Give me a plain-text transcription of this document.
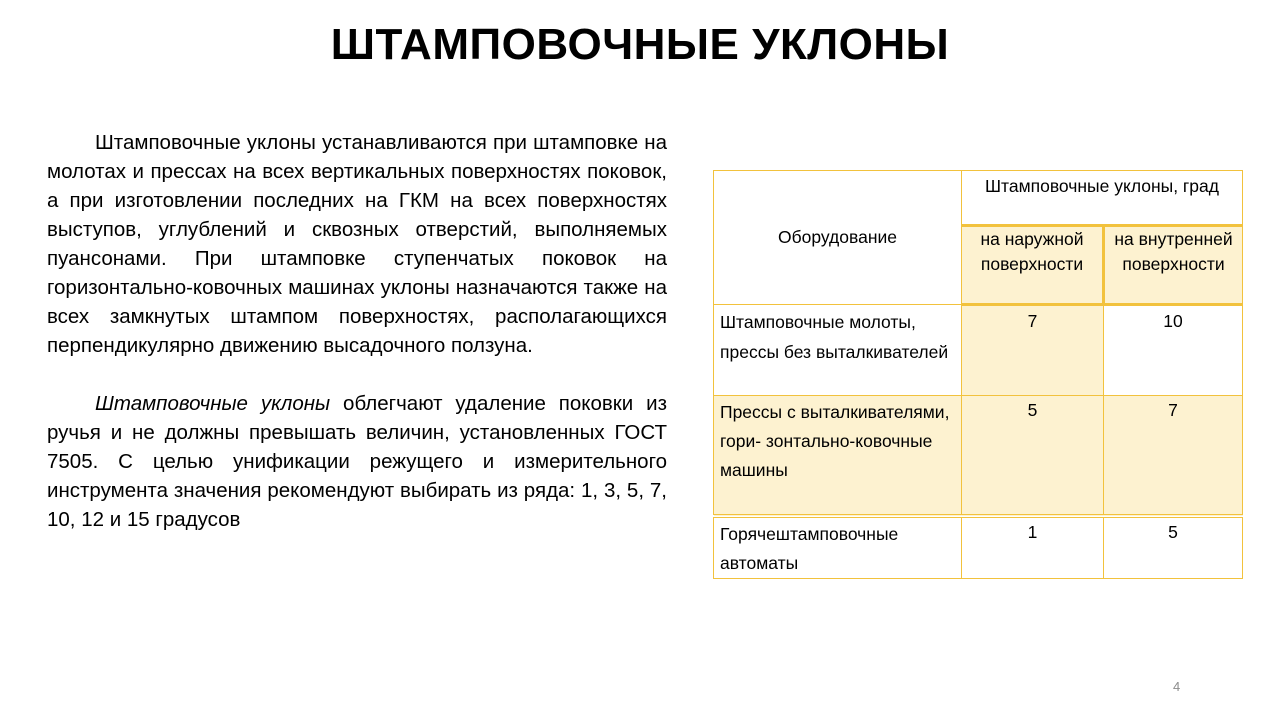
ШТАМПОВОЧНЫЕ УКЛОНЫ

Штамповочные уклоны устанавливаются при штамповке на молотах и прессах на всех вертикальных поверхностях поковок, а при изготовлении последних на ГКМ на всех поверхностях выступов, углублений и сквозных отверстий, выполняемых пуансонами. При штамповке ступенчатых поковок на горизонтально-ковочных машинах уклоны назначаются также на всех замкнутых штампом поверхностях, располагающихся перпендикулярно движению высадочного ползуна.

Штамповочные уклоны облегчают удаление поковки из ручья и не должны превышать величин, установленных ГОСТ 7505. С целью унификации режущего и измерительного инструмента значения рекомендуют выбирать из ряда: 1, 3, 5, 7, 10, 12 и 15 градусов

Оборудование	Штамповочные уклоны, град	
	на наружной поверхности	на внутренней поверхности
Штамповочные молоты, прессы без выталкивателей	7	10
Прессы с выталкивателями, гори- зонтально-ковочные машины	5	7
Горячештамповочные автоматы	1	5
4
